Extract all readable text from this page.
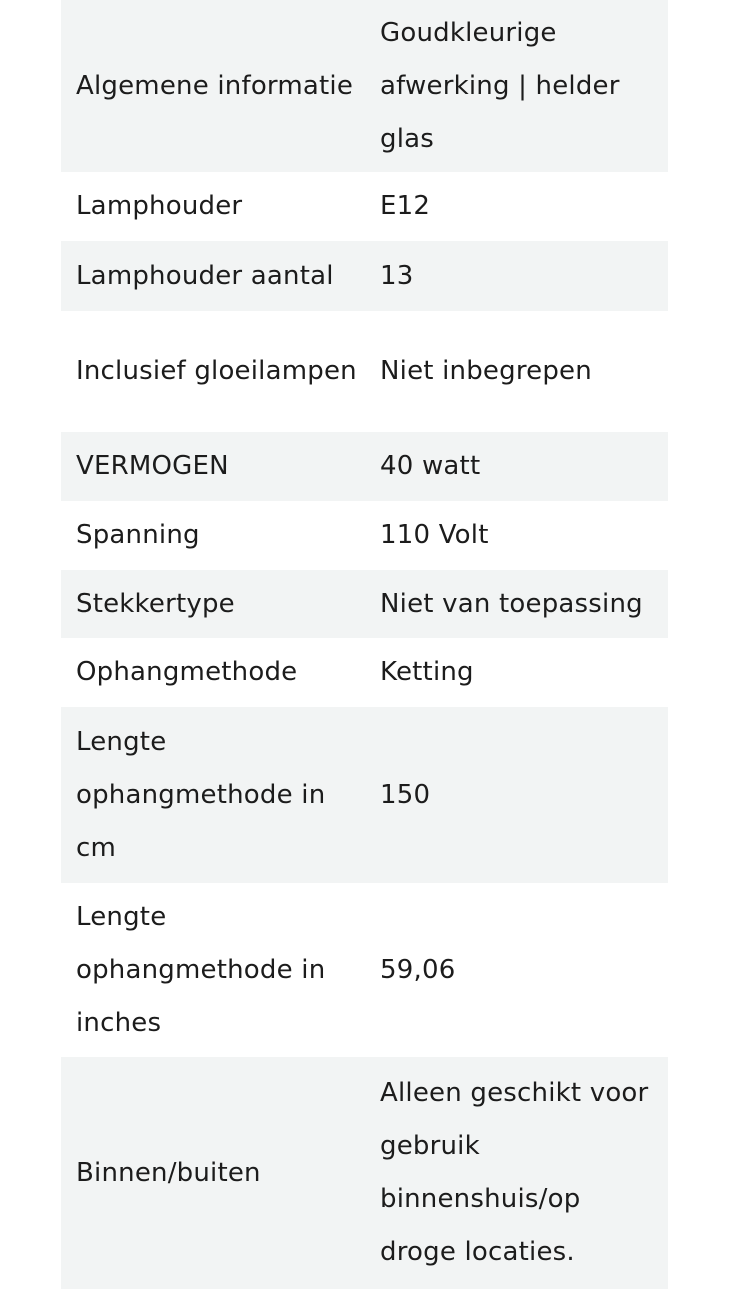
Algemene informatie	Goudkleurige afwerking | helder glas
Lamphouder	E12
Lamphouder aantal	13
Inclusief gloeilampen	Niet inbegrepen
VERMOGEN	40 watt
Spanning	110 Volt
Stekkertype	Niet van toepassing
Ophangmethode	Ketting
Lengte ophangmethode in cm	150
Lengte ophangmethode in inches	59,06
Binnen/buiten	Alleen geschikt voor gebruik binnenshuis/op droge locaties.
